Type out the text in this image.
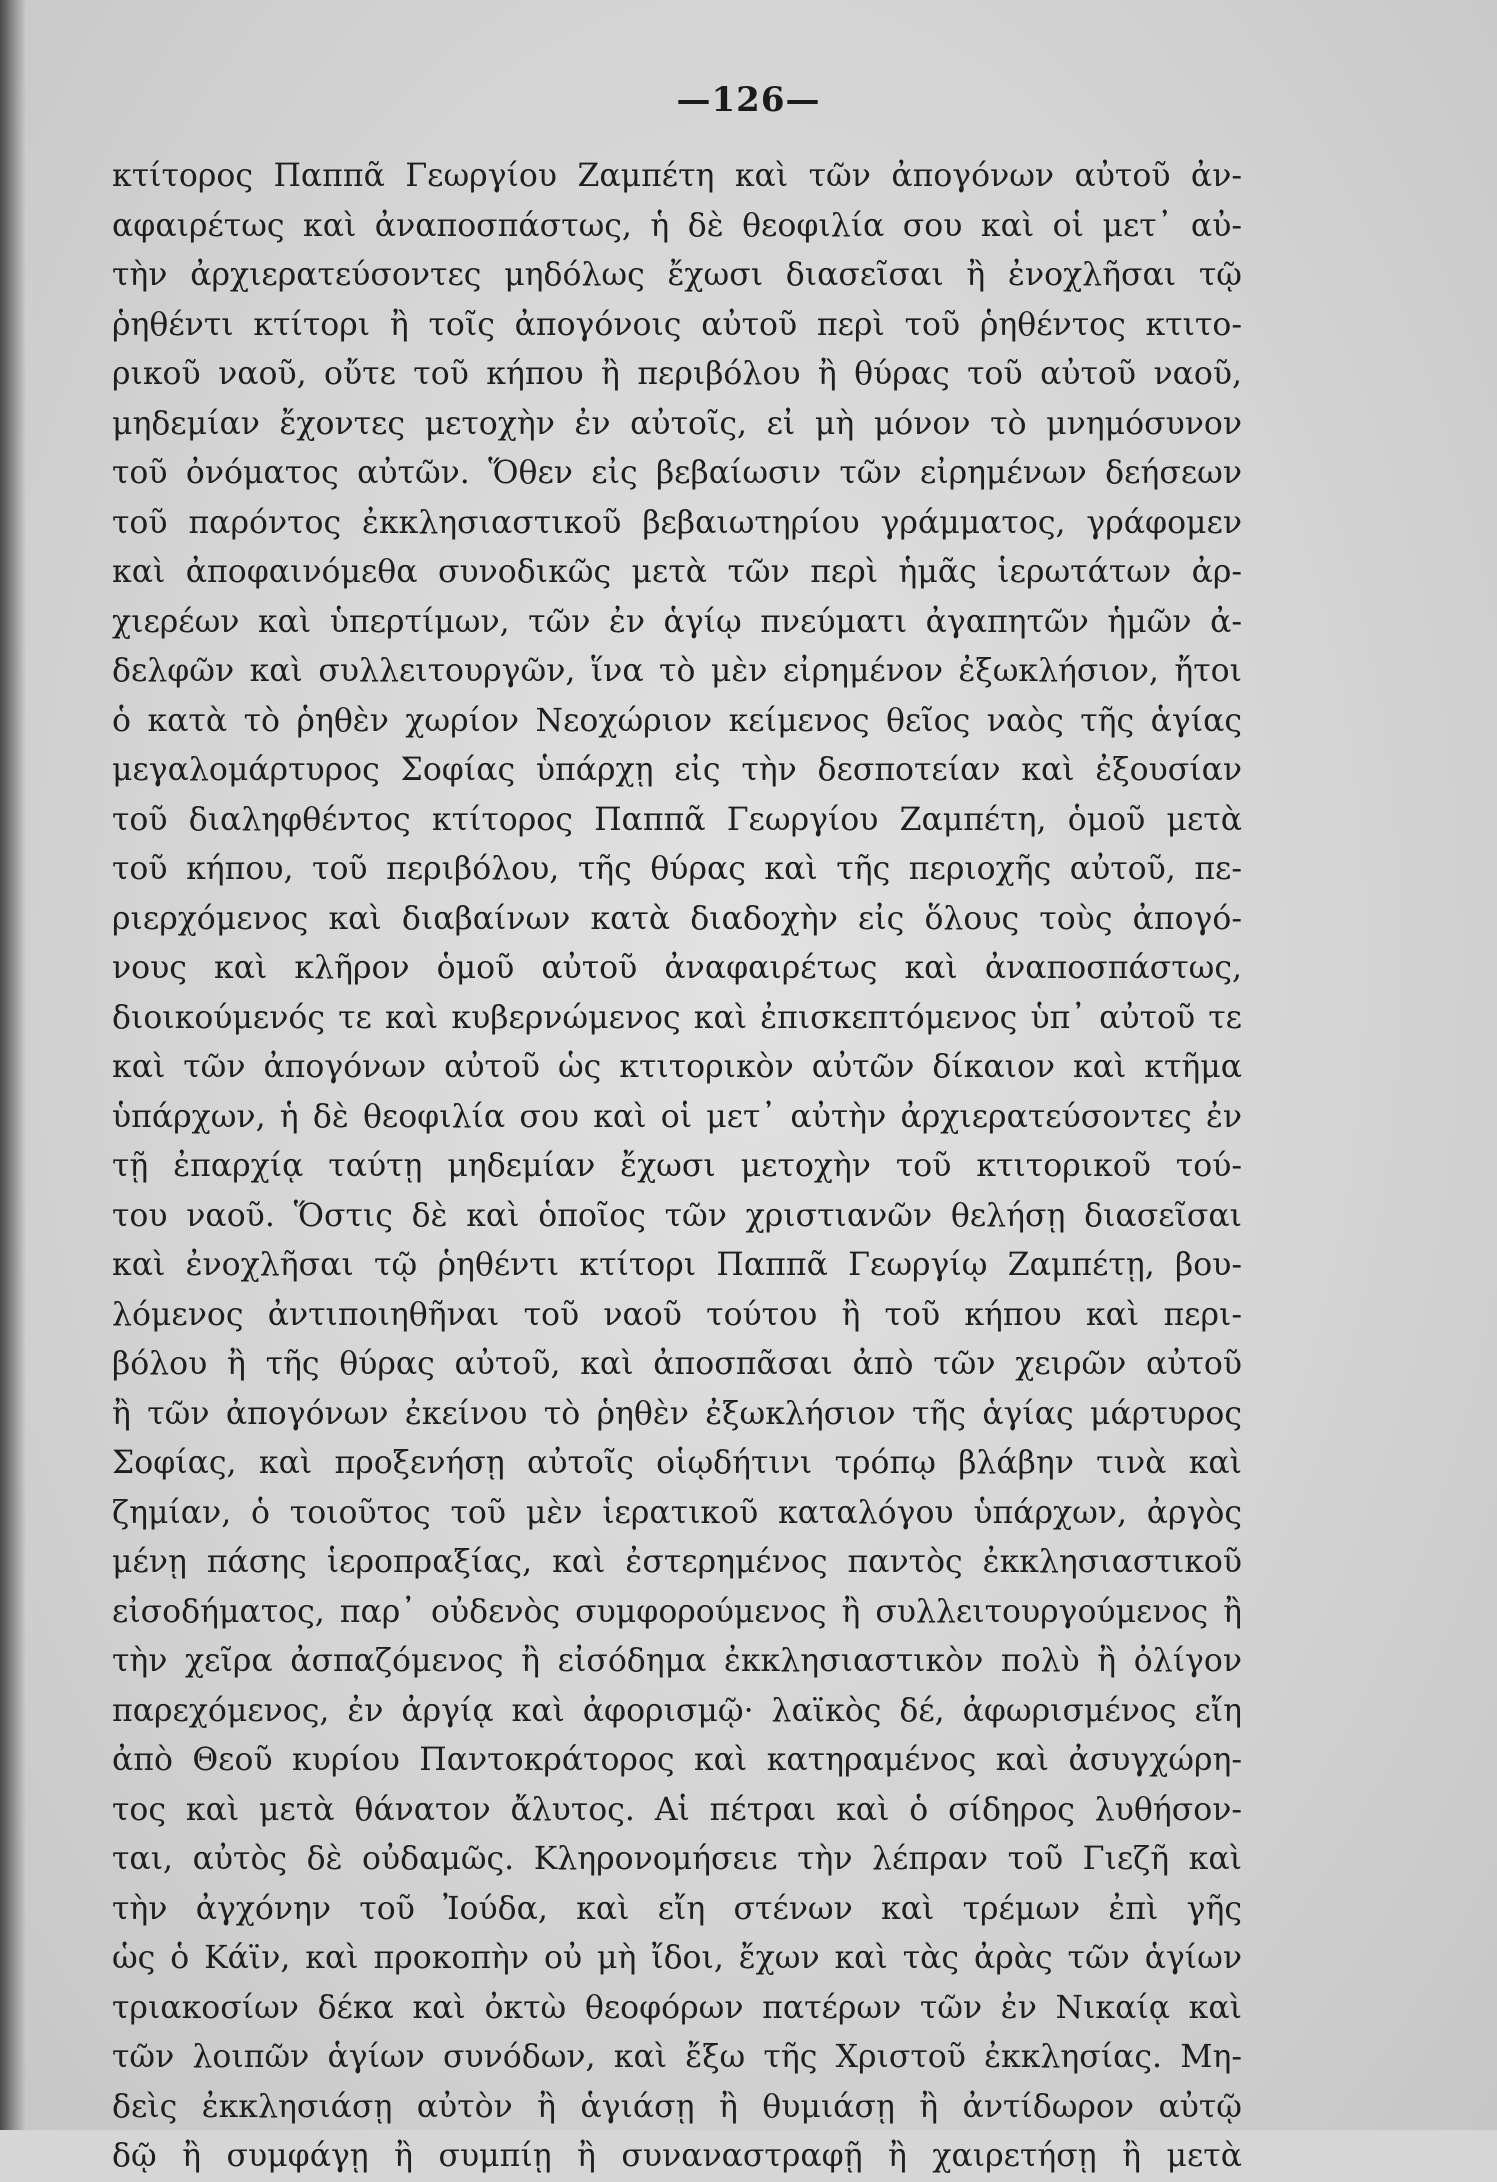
—126—
κτίτορος Παππᾶ Γεωργίου Ζαμπέτη καὶ τῶν ἀπογόνων αὐτοῦ ἀν-
αφαιρέτως καὶ ἀναποσπάστως, ἡ δὲ θεοφιλία σου καὶ οἱ μετ᾽ αὐ-
τὴν ἀρχιερατεύσοντες μηδόλως ἔχωσι διασεῖσαι ἢ ἐνοχλῆσαι τῷ
ῥηθέντι κτίτορι ἢ τοῖς ἀπογόνοις αὐτοῦ περὶ τοῦ ῥηθέντος κτιτο-
ρικοῦ ναοῦ, οὔτε τοῦ κήπου ἢ περιβόλου ἢ θύρας τοῦ αὐτοῦ ναοῦ,
μηδεμίαν ἔχοντες μετοχὴν ἐν αὐτοῖς, εἰ μὴ μόνον τὸ μνημόσυνον
τοῦ ὀνόματος αὐτῶν. Ὅθεν εἰς βεβαίωσιν τῶν εἰρημένων δεήσεων
τοῦ παρόντος ἐκκλησιαστικοῦ βεβαιωτηρίου γράμματος, γράφομεν
καὶ ἀποφαινόμεθα συνοδικῶς μετὰ τῶν περὶ ἡμᾶς ἱερωτάτων ἀρ-
χιερέων καὶ ὑπερτίμων, τῶν ἐν ἁγίῳ πνεύματι ἀγαπητῶν ἡμῶν ἀ-
δελφῶν καὶ συλλειτουργῶν, ἵνα τὸ μὲν εἰρημένον ἐξωκλήσιον, ἤτοι
ὁ κατὰ τὸ ῥηθὲν χωρίον Νεοχώριον κείμενος θεῖος ναὸς τῆς ἁγίας
μεγαλομάρτυρος Σοφίας ὑπάρχῃ εἰς τὴν δεσποτείαν καὶ ἐξουσίαν
τοῦ διαληφθέντος κτίτορος Παππᾶ Γεωργίου Ζαμπέτη, ὁμοῦ μετὰ
τοῦ κήπου, τοῦ περιβόλου, τῆς θύρας καὶ τῆς περιοχῆς αὐτοῦ, πε-
ριερχόμενος καὶ διαβαίνων κατὰ διαδοχὴν εἰς ὅλους τοὺς ἀπογό-
νους καὶ κλῆρον ὁμοῦ αὐτοῦ ἀναφαιρέτως καὶ ἀναποσπάστως,
διοικούμενός τε καὶ κυβερνώμενος καὶ ἐπισκεπτόμενος ὑπ᾽ αὐτοῦ τε
καὶ τῶν ἀπογόνων αὐτοῦ ὡς κτιτορικὸν αὐτῶν δίκαιον καὶ κτῆμα
ὑπάρχων, ἡ δὲ θεοφιλία σου καὶ οἱ μετ᾽ αὐτὴν ἀρχιερατεύσοντες ἐν
τῇ ἐπαρχίᾳ ταύτῃ μηδεμίαν ἔχωσι μετοχὴν τοῦ κτιτορικοῦ τού-
του ναοῦ. Ὅστις δὲ καὶ ὁποῖος τῶν χριστιανῶν θελήσῃ διασεῖσαι
καὶ ἐνοχλῆσαι τῷ ῥηθέντι κτίτορι Παππᾶ Γεωργίῳ Ζαμπέτῃ, βου-
λόμενος ἀντιποιηθῆναι τοῦ ναοῦ τούτου ἢ τοῦ κήπου καὶ περι-
βόλου ἢ τῆς θύρας αὐτοῦ, καὶ ἀποσπᾶσαι ἀπὸ τῶν χειρῶν αὐτοῦ
ἢ τῶν ἀπογόνων ἐκείνου τὸ ῥηθὲν ἐξωκλήσιον τῆς ἁγίας μάρτυρος
Σοφίας, καὶ προξενήσῃ αὐτοῖς οἱῳδήτινι τρόπῳ βλάβην τινὰ καὶ
ζημίαν, ὁ τοιοῦτος τοῦ μὲν ἱερατικοῦ καταλόγου ὑπάρχων, ἀργὸς
μένῃ πάσης ἱεροπραξίας, καὶ ἐστερημένος παντὸς ἐκκλησιαστικοῦ
εἰσοδήματος, παρ᾽ οὐδενὸς συμφορούμενος ἢ συλλειτουργούμενος ἢ
τὴν χεῖρα ἀσπαζόμενος ἢ εἰσόδημα ἐκκλησιαστικὸν πολὺ ἢ ὀλίγον
παρεχόμενος, ἐν ἀργίᾳ καὶ ἀφορισμῷ· λαϊκὸς δέ, ἀφωρισμένος εἴη
ἀπὸ Θεοῦ κυρίου Παντοκράτορος καὶ κατηραμένος καὶ ἀσυγχώρη-
τος καὶ μετὰ θάνατον ἄλυτος. Αἱ πέτραι καὶ ὁ σίδηρος λυθήσον-
ται, αὐτὸς δὲ οὐδαμῶς. Κληρονομήσειε τὴν λέπραν τοῦ Γιεζῆ καὶ
τὴν ἀγχόνην τοῦ Ἰούδα, καὶ εἴη στένων καὶ τρέμων ἐπὶ γῆς
ὡς ὁ Κάϊν, καὶ προκοπὴν οὐ μὴ ἴδοι, ἔχων καὶ τὰς ἀρὰς τῶν ἁγίων
τριακοσίων δέκα καὶ ὀκτὼ θεοφόρων πατέρων τῶν ἐν Νικαίᾳ καὶ
τῶν λοιπῶν ἁγίων συνόδων, καὶ ἔξω τῆς Χριστοῦ ἐκκλησίας. Μη-
δεὶς ἐκκλησιάσῃ αὐτὸν ἢ ἁγιάσῃ ἢ θυμιάσῃ ἢ ἀντίδωρον αὐτῷ
δῷ ἢ συμφάγῃ ἢ συμπίῃ ἢ συναναστραφῇ ἢ χαιρετήσῃ ἢ μετὰ
